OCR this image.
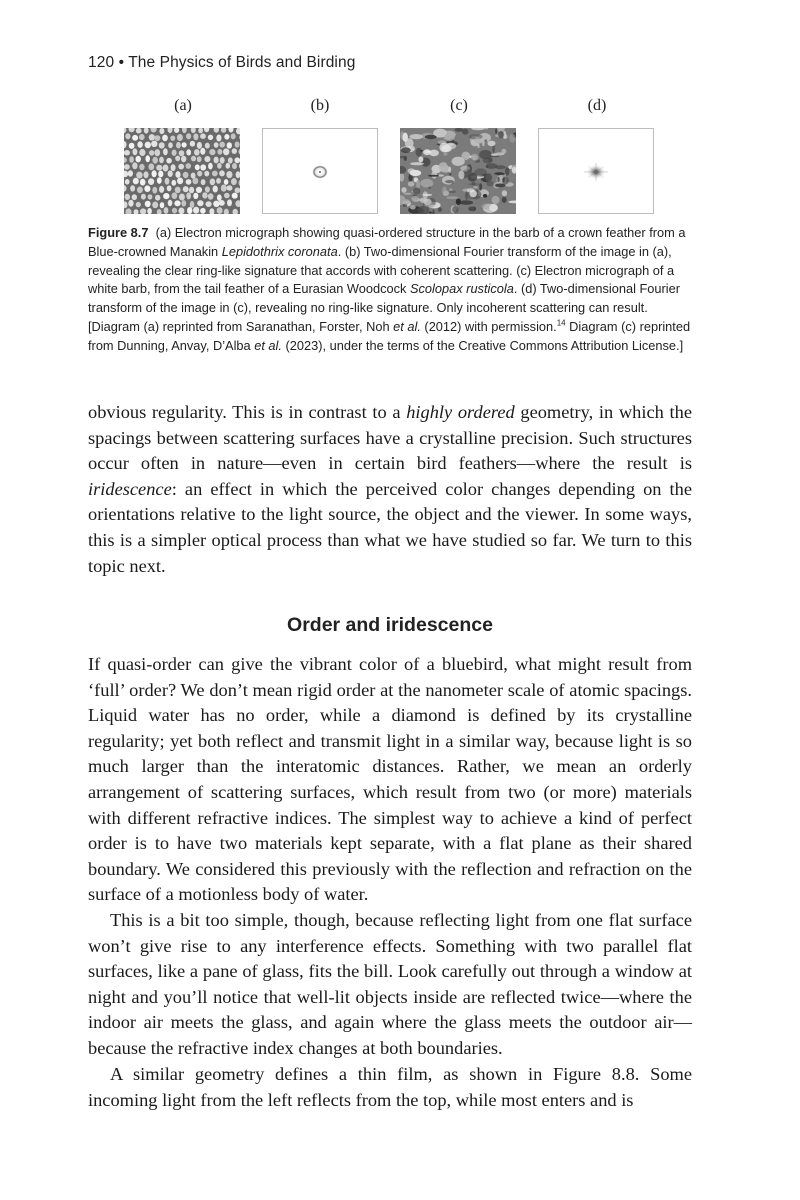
120 • The Physics of Birds and Birding
(a)	(b)	(c)	(d)
Figure 8.7 (a) Electron micrograph showing quasi-ordered structure in the barb of a crown feather from a Blue-crowned Manakin Lepidothrix coronata. (b) Two-dimensional Fourier transform of the image in (a), revealing the clear ring-like signature that accords with coherent scattering. (c) Electron micrograph of a white barb, from the tail feather of a Eurasian Woodcock Scolopax rusticola. (d) Two-dimensional Fourier transform of the image in (c), revealing no ring-like signature. Only incoherent scattering can result. [Diagram (a) reprinted from Saranathan, Forster, Noh et al. (2012) with permission.$^{14}$ Diagram (c) reprinted from Dunning, Anvay, D’Alba et al. (2023), under the terms of the Creative Commons Attribution License.]

obvious regularity. This is in contrast to a highly ordered geometry, in which the spacings between scattering surfaces have a crystalline precision. Such structures occur often in nature—even in certain bird feathers—where the result is iridescence: an effect in which the perceived color changes depending on the orientations relative to the light source, the object and the viewer. In some ways, this is a simpler optical process than what we have studied so far. We turn to this topic next.

Order and iridescence

If quasi-order can give the vibrant color of a bluebird, what might result from ‘full’ order? We don’t mean rigid order at the nanometer scale of atomic spacings. Liquid water has no order, while a diamond is defined by its crystalline regularity; yet both reflect and transmit light in a similar way, because light is so much larger than the interatomic distances. Rather, we mean an orderly arrangement of scattering surfaces, which result from two (or more) materials with different refractive indices. The simplest way to achieve a kind of perfect order is to have two materials kept separate, with a flat plane as their shared boundary. We considered this previously with the reflection and refraction on the surface of a motionless body of water.

This is a bit too simple, though, because reflecting light from one flat surface won’t give rise to any interference effects. Something with two parallel flat surfaces, like a pane of glass, fits the bill. Look carefully out through a window at night and you’ll notice that well-lit objects inside are reflected twice—where the indoor air meets the glass, and again where the glass meets the outdoor air—because the refractive index changes at both boundaries.

A similar geometry defines a thin film, as shown in Figure 8.8. Some incoming light from the left reflects from the top, while most enters and is
